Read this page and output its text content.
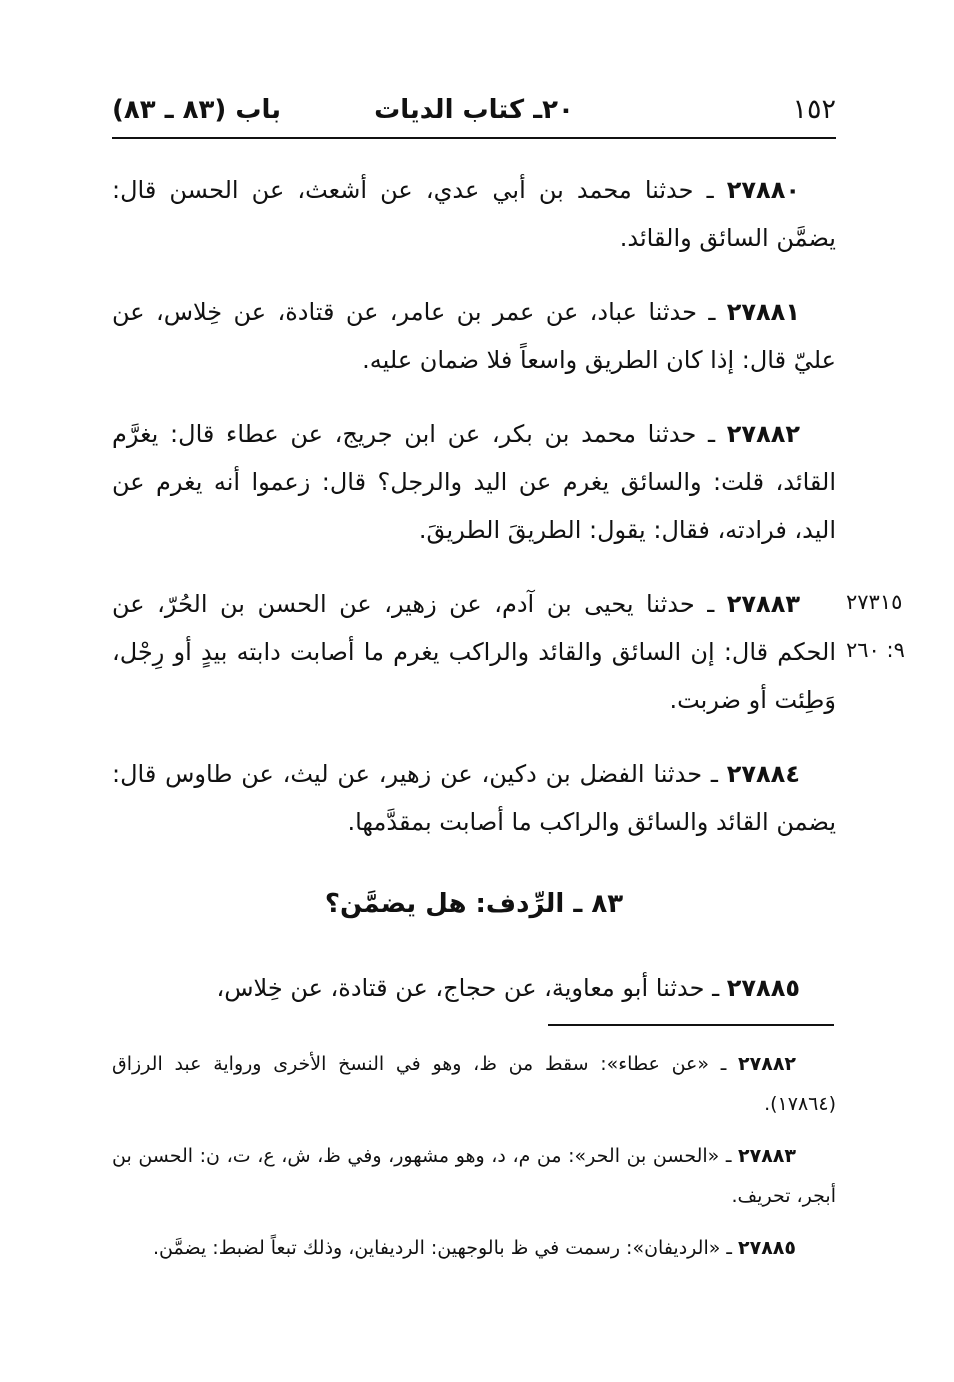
١٥٢
٢٠ـ كتاب الديات
باب (٨٣ ـ ٨٣)

٢٧٨٨٠ ـ حدثنا محمد بن أبي عدي، عن أشعث، عن الحسن قال: يضمَّن السائق والقائد.

٢٧٨٨١ ـ حدثنا عباد، عن عمر بن عامر، عن قتادة، عن خِلاس، عن عليّ قال: إذا كان الطريق واسعاً فلا ضمان عليه.

٢٧٨٨٢ ـ حدثنا محمد بن بكر، عن ابن جريج، عن عطاء قال: يغرَّم القائد، قلت: والسائق يغرم عن اليد والرجل؟ قال: زعموا أنه يغرم عن اليد، فرادته، فقال: يقول: الطريقَ الطريقَ.

٢٧٨٨٣ ـ حدثنا يحيى بن آدم، عن زهير، عن الحسن بن الحُرّ، عن الحكم قال: إن السائق والقائد والراكب يغرم ما أصابت دابته بيدٍ أو رِجْل، وَطِئت أو ضربت.

٢٧٨٨٤ ـ حدثنا الفضل بن دكين، عن زهير، عن ليث، عن طاوس قال: يضمن القائد والسائق والراكب ما أصابت بمقدَّمها.

٨٣ ـ الرِّدف: هل يضمَّن؟

٢٧٨٨٥ ـ حدثنا أبو معاوية، عن حجاج، عن قتادة، عن خِلاس،

٢٧٣١٥
٩: ٢٦٠

٢٧٨٨٢ ـ «عن عطاء»: سقط من ظ، وهو في النسخ الأخرى ورواية عبد الرزاق (١٧٨٦٤).

٢٧٨٨٣ ـ «الحسن بن الحر»: من م، د، وهو مشهور، وفي ظ، ش، ع، ت، ن: الحسن بن أبجر، تحريف.

٢٧٨٨٥ ـ «الرديفان»: رسمت في ظ بالوجهين: الرديفاين، وذلك تبعاً لضبط: يضمَّن.
